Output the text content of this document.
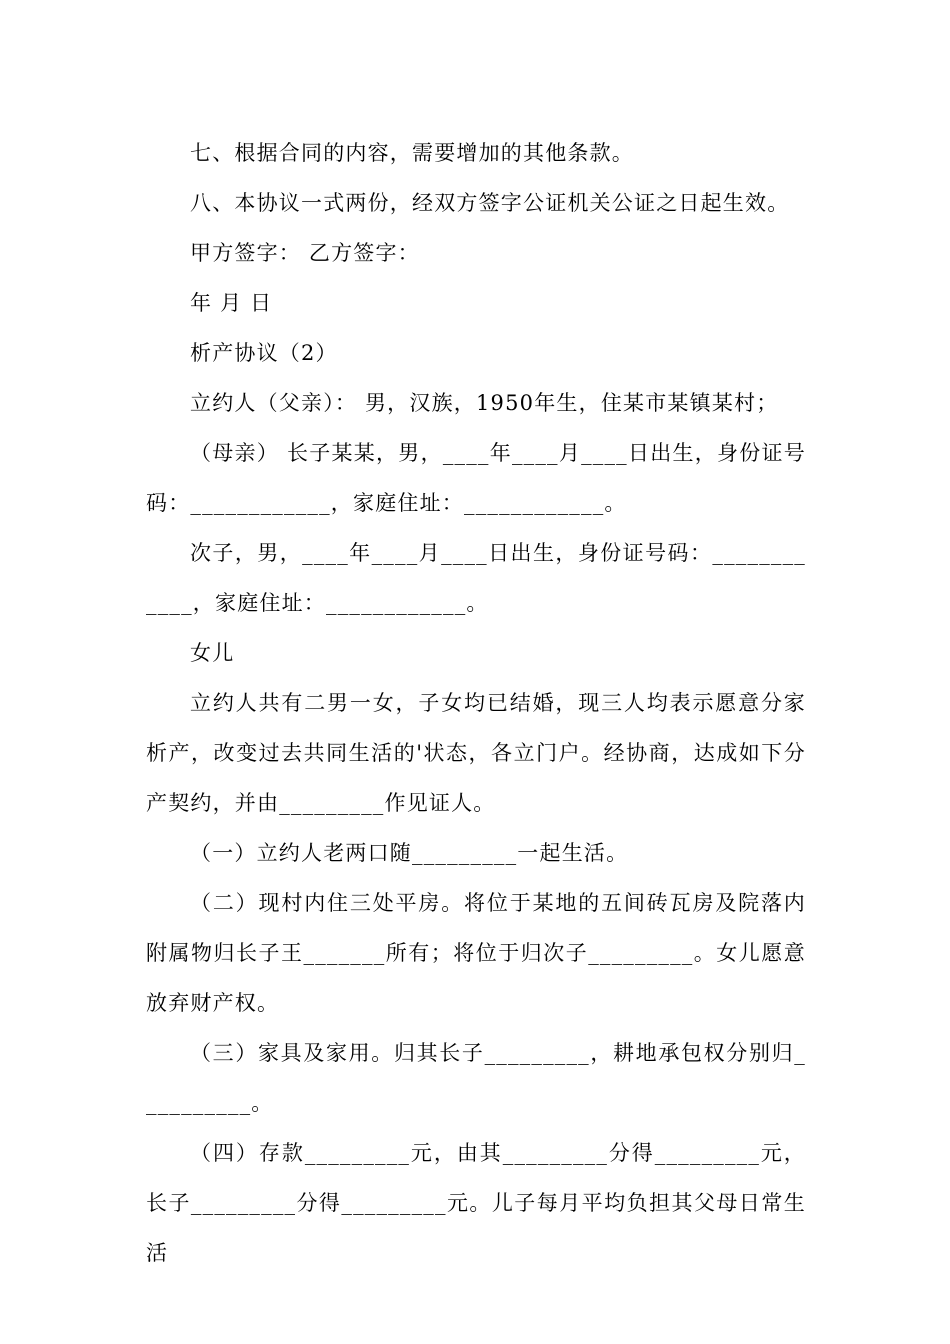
七、根据合同的内容，需要增加的其他条款。

八、本协议一式两份，经双方签字公证机关公证之日起生效。

甲方签字： 乙方签字：

年 月 日

析产协议（2）

立约人（父亲）： 男，汉族，1950年生，住某市某镇某村；

（母亲） 长子某某，男，____年____月____日出生，身份证号码：____________，家庭住址：____________。

次子，男，____年____月____日出生，身份证号码：____________，家庭住址：____________。

女儿

立约人共有二男一女，子女均已结婚，现三人均表示愿意分家析产，改变过去共同生活的'状态，各立门户。经协商，达成如下分产契约，并由_________作见证人。

（一）立约人老两口随_________一起生活。

（二）现村内住三处平房。将位于某地的五间砖瓦房及院落内附属物归长子王_______所有；将位于归次子_________。女儿愿意放弃财产权。

（三）家具及家用。归其长子_________，耕地承包权分别归__________。

（四）存款_________元，由其_________分得_________元，长子_________分得_________元。儿子每月平均负担其父母日常生活
